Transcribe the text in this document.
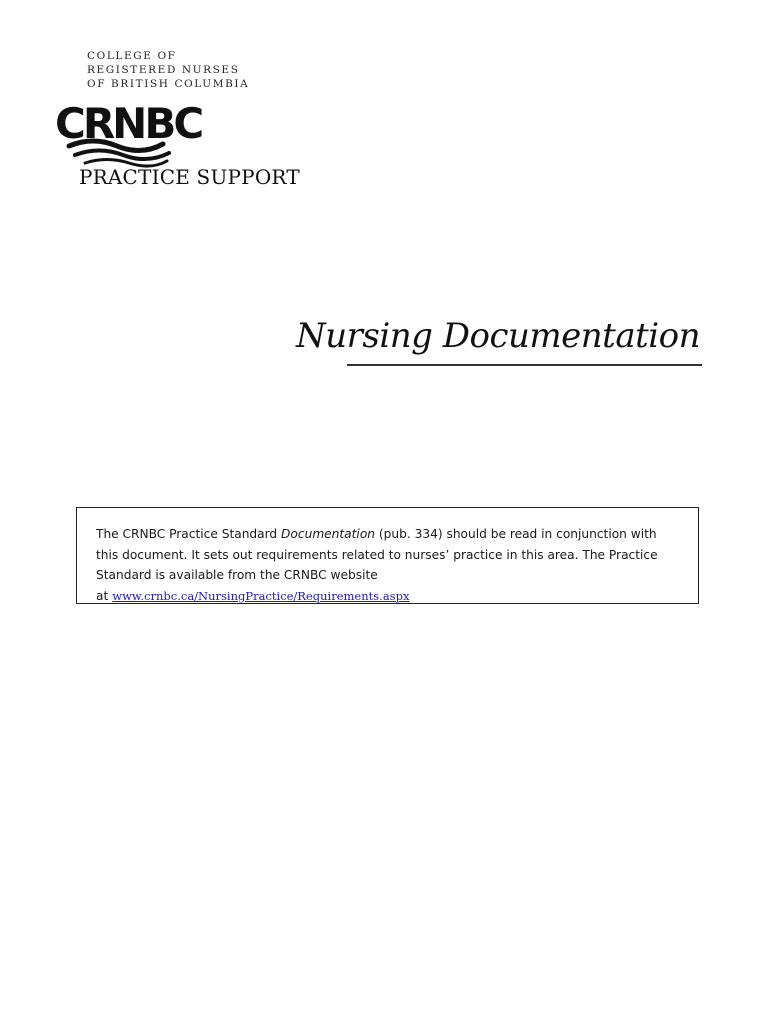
COLLEGE OF
REGISTERED NURSES
OF BRITISH COLUMBIA
CRNBC
PRACTICE SUPPORT
Nursing Documentation
The CRNBC Practice Standard Documentation (pub. 334) should be read in conjunction with this document. It sets out requirements related to nurses’ practice in this area. The Practice Standard is available from the CRNBC website at www.crnbc.ca/NursingPractice/Requirements.aspx
